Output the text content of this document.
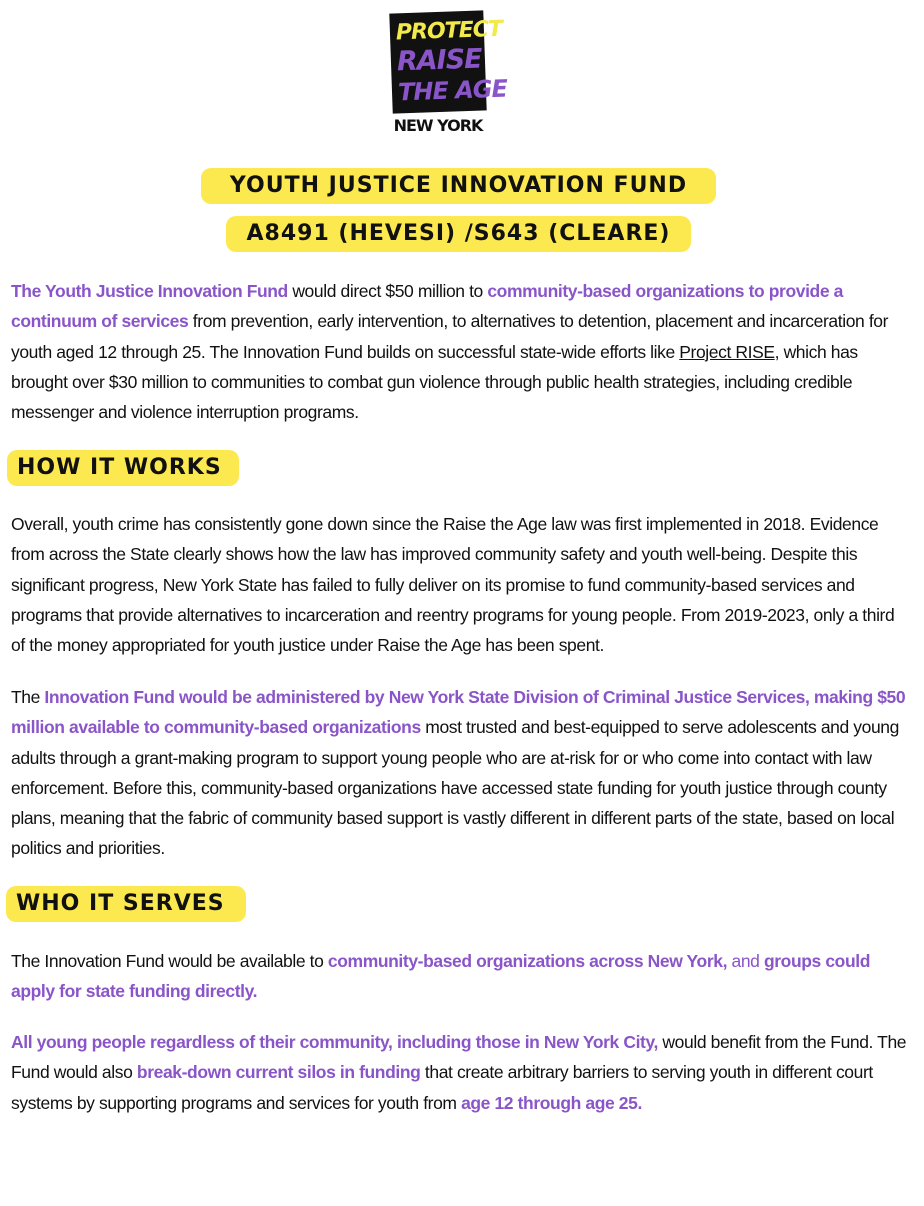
PROTECT
RAISE
THE AGE
NEW YORK
YOUTH JUSTICE INNOVATION FUND
A8491 (HEVESI) /S643 (CLEARE)
The Youth Justice Innovation Fund would direct $50 million to community-based organizations to provide a continuum of services from prevention, early intervention, to alternatives to detention, placement and incarceration for youth aged 12 through 25. The Innovation Fund builds on successful state-wide efforts like Project RISE, which has brought over $30 million to communities to combat gun violence through public health strategies, including credible messenger and violence interruption programs.
HOW IT WORKS
Overall, youth crime has consistently gone down since the Raise the Age law was first implemented in 2018. Evidence from across the State clearly shows how the law has improved community safety and youth well-being. Despite this significant progress, New York State has failed to fully deliver on its promise to fund community-based services and programs that provide alternatives to incarceration and reentry programs for young people. From 2019-2023, only a third of the money appropriated for youth justice under Raise the Age has been spent.
The Innovation Fund would be administered by New York State Division of Criminal Justice Services, making $50 million available to community-based organizations most trusted and best-equipped to serve adolescents and young adults through a grant-making program to support young people who are at-risk for or who come into contact with law enforcement. Before this, community-based organizations have accessed state funding for youth justice through county plans, meaning that the fabric of community based support is vastly different in different parts of the state, based on local politics and priorities.
WHO IT SERVES
The Innovation Fund would be available to community-based organizations across New York, and groups could apply for state funding directly.
All young people regardless of their community, including those in New York City, would benefit from the Fund. The Fund would also break-down current silos in funding that create arbitrary barriers to serving youth in different court systems by supporting programs and services for youth from age 12 through age 25.
